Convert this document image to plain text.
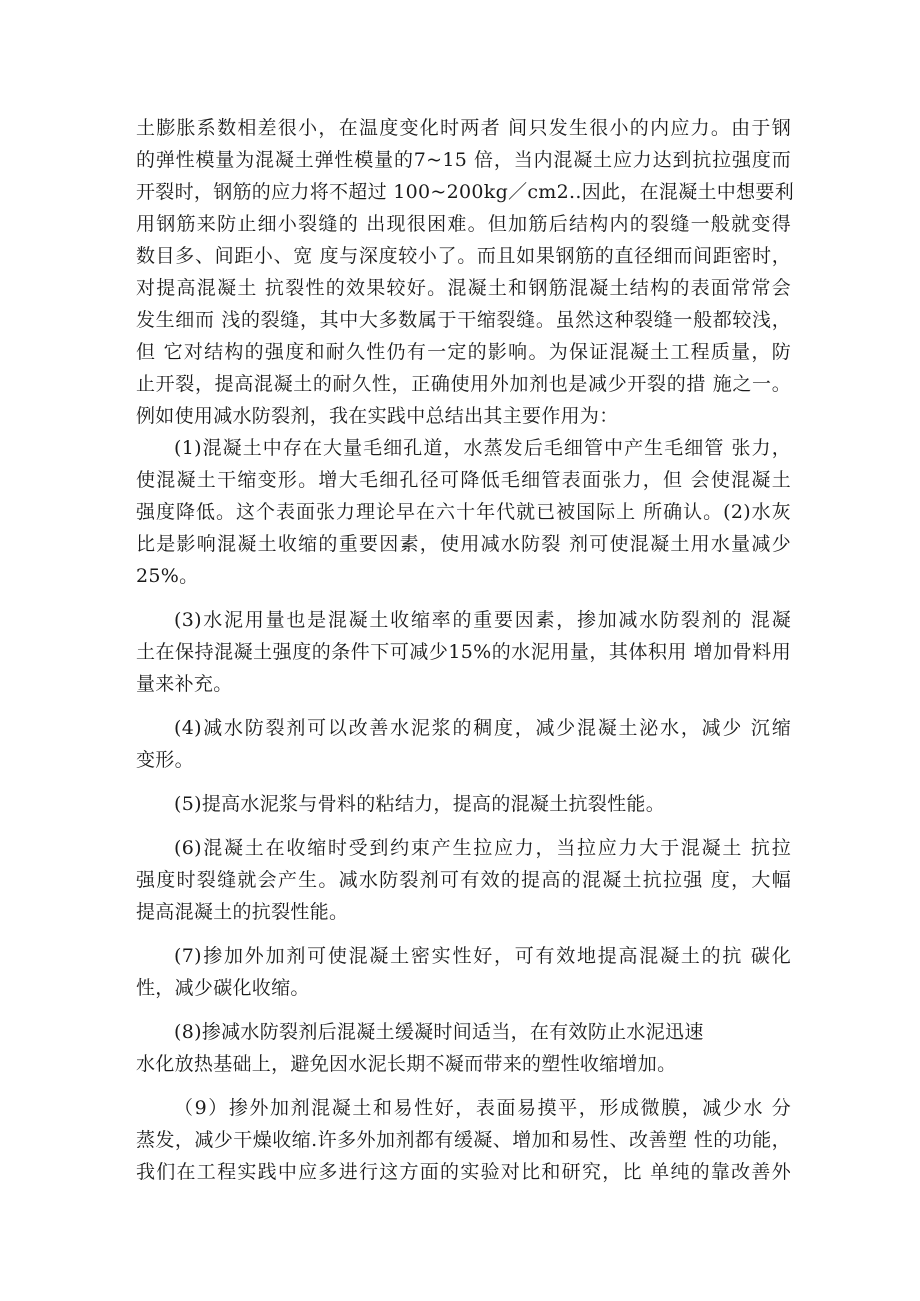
土膨胀系数相差很小，在温度变化时两者 间只发生很小的内应力。由于钢
的弹性模量为混凝土弹性模量的7~15 倍，当内混凝土应力达到抗拉强度而
开裂时，钢筋的应力将不超过 100~200kg／cm2..因此，在混凝土中想要利
用钢筋来防止细小裂缝的 出现很困难。但加筋后结构内的裂缝一般就变得
数目多、间距小、宽 度与深度较小了。而且如果钢筋的直径细而间距密时，
对提高混凝土 抗裂性的效果较好。混凝土和钢筋混凝土结构的表面常常会
发生细而 浅的裂缝，其中大多数属于干缩裂缝。虽然这种裂缝一般都较浅，
但 它对结构的强度和耐久性仍有一定的影响。为保证混凝土工程质量，防
止开裂，提高混凝土的耐久性，正确使用外加剂也是减少开裂的措 施之一。
例如使用减水防裂剂，我在实践中总结出其主要作用为：
(1)混凝土中存在大量毛细孔道，水蒸发后毛细管中产生毛细管 张力，
使混凝土干缩变形。增大毛细孔径可降低毛细管表面张力，但 会使混凝土
强度降低。这个表面张力理论早在六十年代就已被国际上 所确认。(2)水灰
比是影响混凝土收缩的重要因素，使用减水防裂 剂可使混凝土用水量减少
25%。
(3)水泥用量也是混凝土收缩率的重要因素，掺加减水防裂剂的 混凝
土在保持混凝土强度的条件下可减少15%的水泥用量，其体积用 增加骨料用
量来补充。
(4)减水防裂剂可以改善水泥浆的稠度，减少混凝土泌水，减少 沉缩
变形。
(5)提高水泥浆与骨料的粘结力，提高的混凝土抗裂性能。
(6)混凝土在收缩时受到约束产生拉应力，当拉应力大于混凝土 抗拉
强度时裂缝就会产生。减水防裂剂可有效的提高的混凝土抗拉强 度，大幅
提高混凝土的抗裂性能。
(7)掺加外加剂可使混凝土密实性好，可有效地提高混凝土的抗 碳化
性，减少碳化收缩。
(8)掺减水防裂剂后混凝土缓凝时间适当，在有效防止水泥迅速
水化放热基础上，避免因水泥长期不凝而带来的塑性收缩增加。
（9）掺外加剂混凝土和易性好，表面易摸平，形成微膜，减少水 分
蒸发，减少干燥收缩.许多外加剂都有缓凝、增加和易性、改善塑 性的功能，
我们在工程实践中应多进行这方面的实验对比和研究，比 单纯的靠改善外
